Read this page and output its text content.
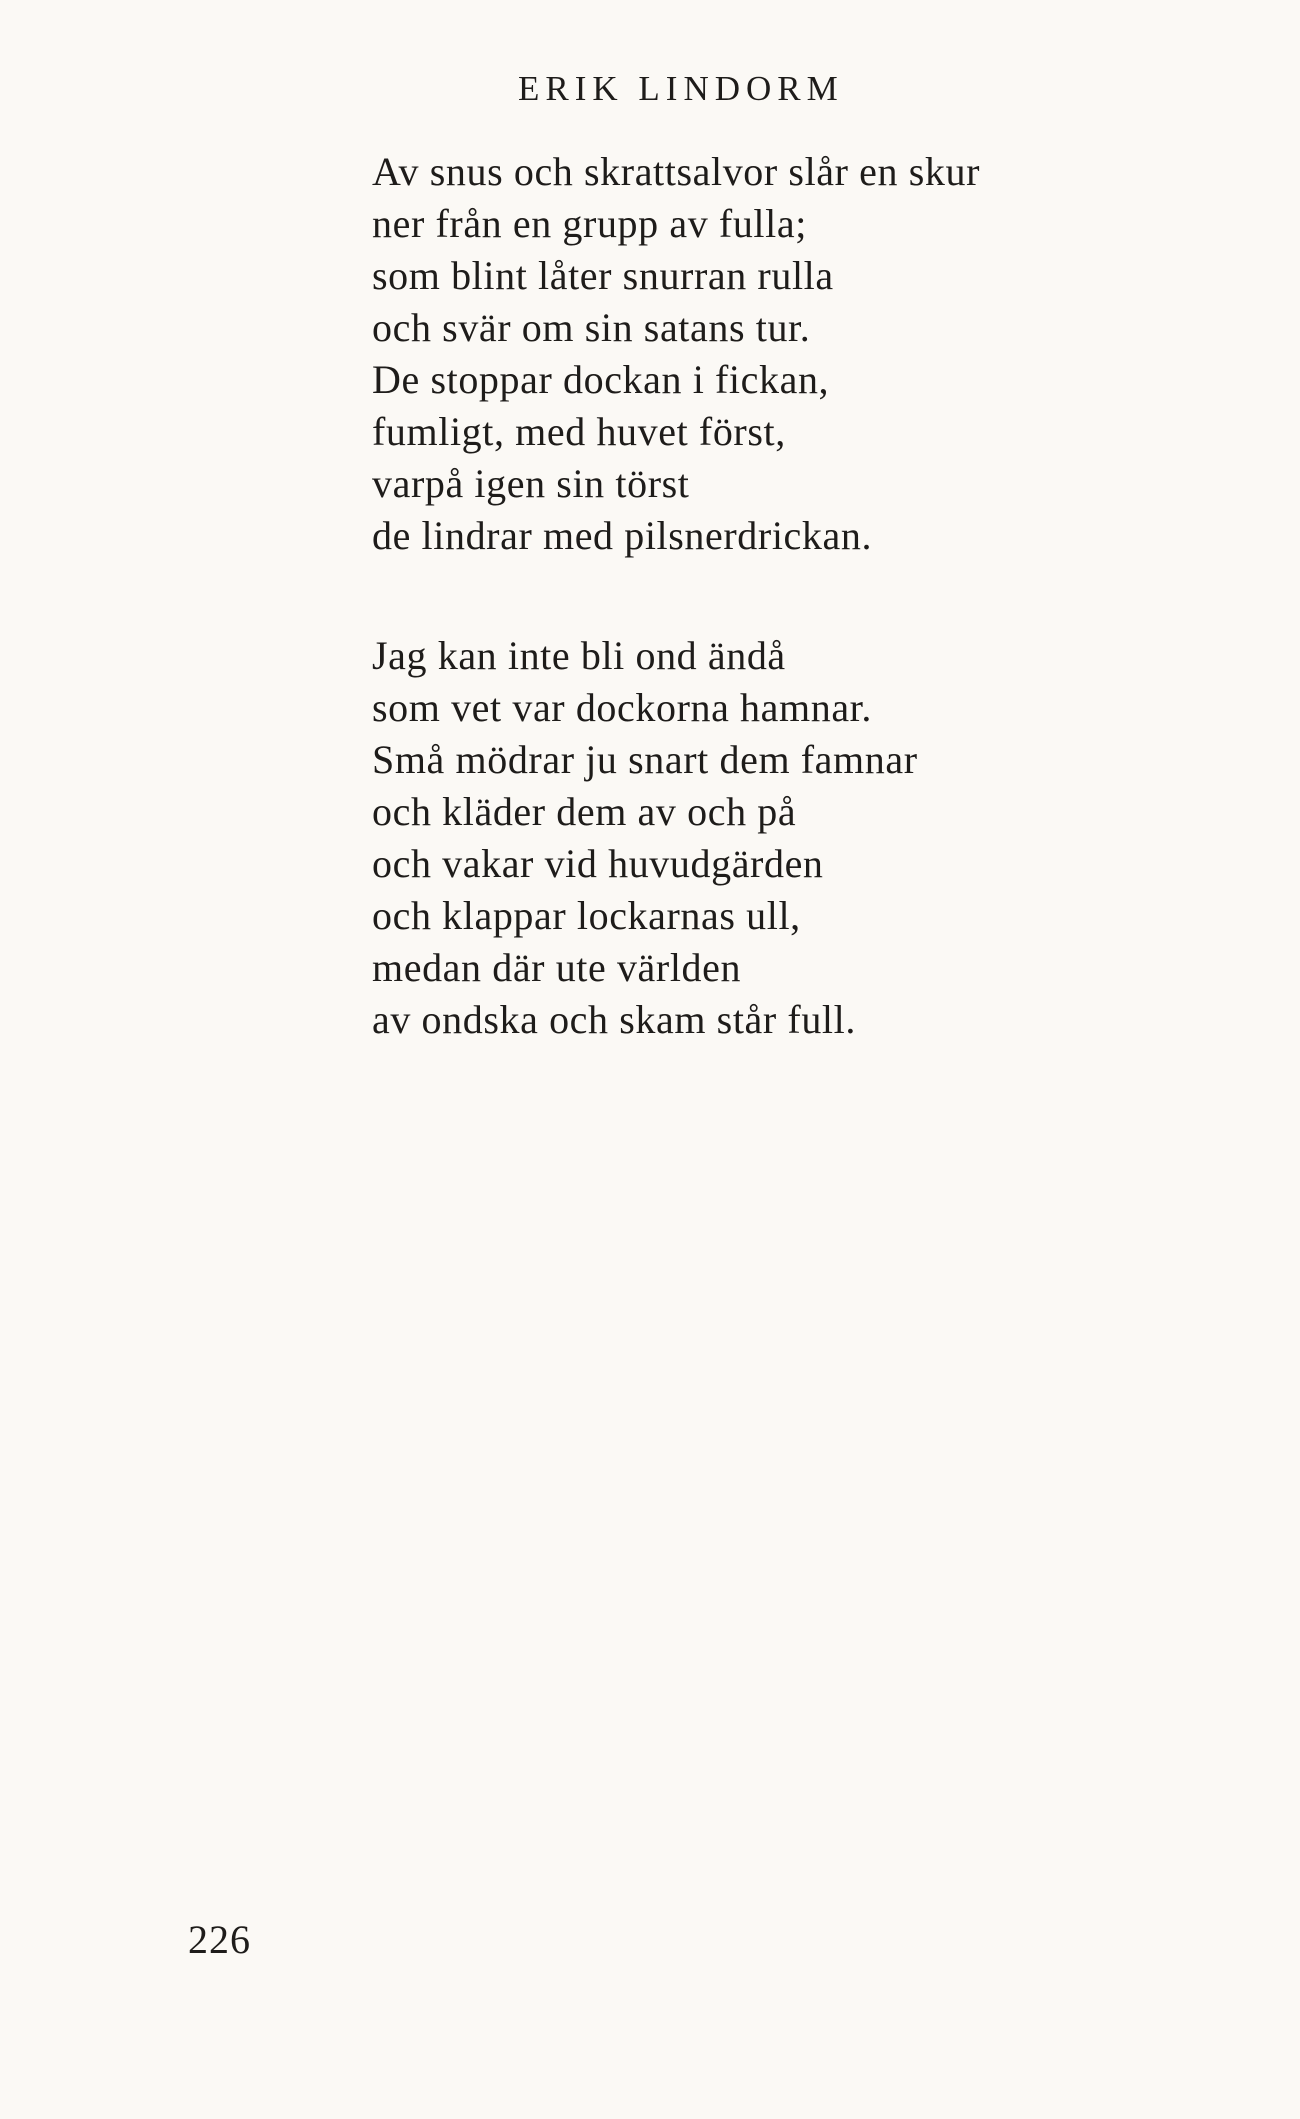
ERIK LINDORM
Av snus och skrattsalvor slår en skur
ner från en grupp av fulla;
som blint låter snurran rulla
och svär om sin satans tur.
De stoppar dockan i fickan,
fumligt, med huvet först,
varpå igen sin törst
de lindrar med pilsnerdrickan.
Jag kan inte bli ond ändå
som vet var dockorna hamnar.
Små mödrar ju snart dem famnar
och kläder dem av och på
och vakar vid huvudgärden
och klappar lockarnas ull,
medan där ute världen
av ondska och skam står full.
226
